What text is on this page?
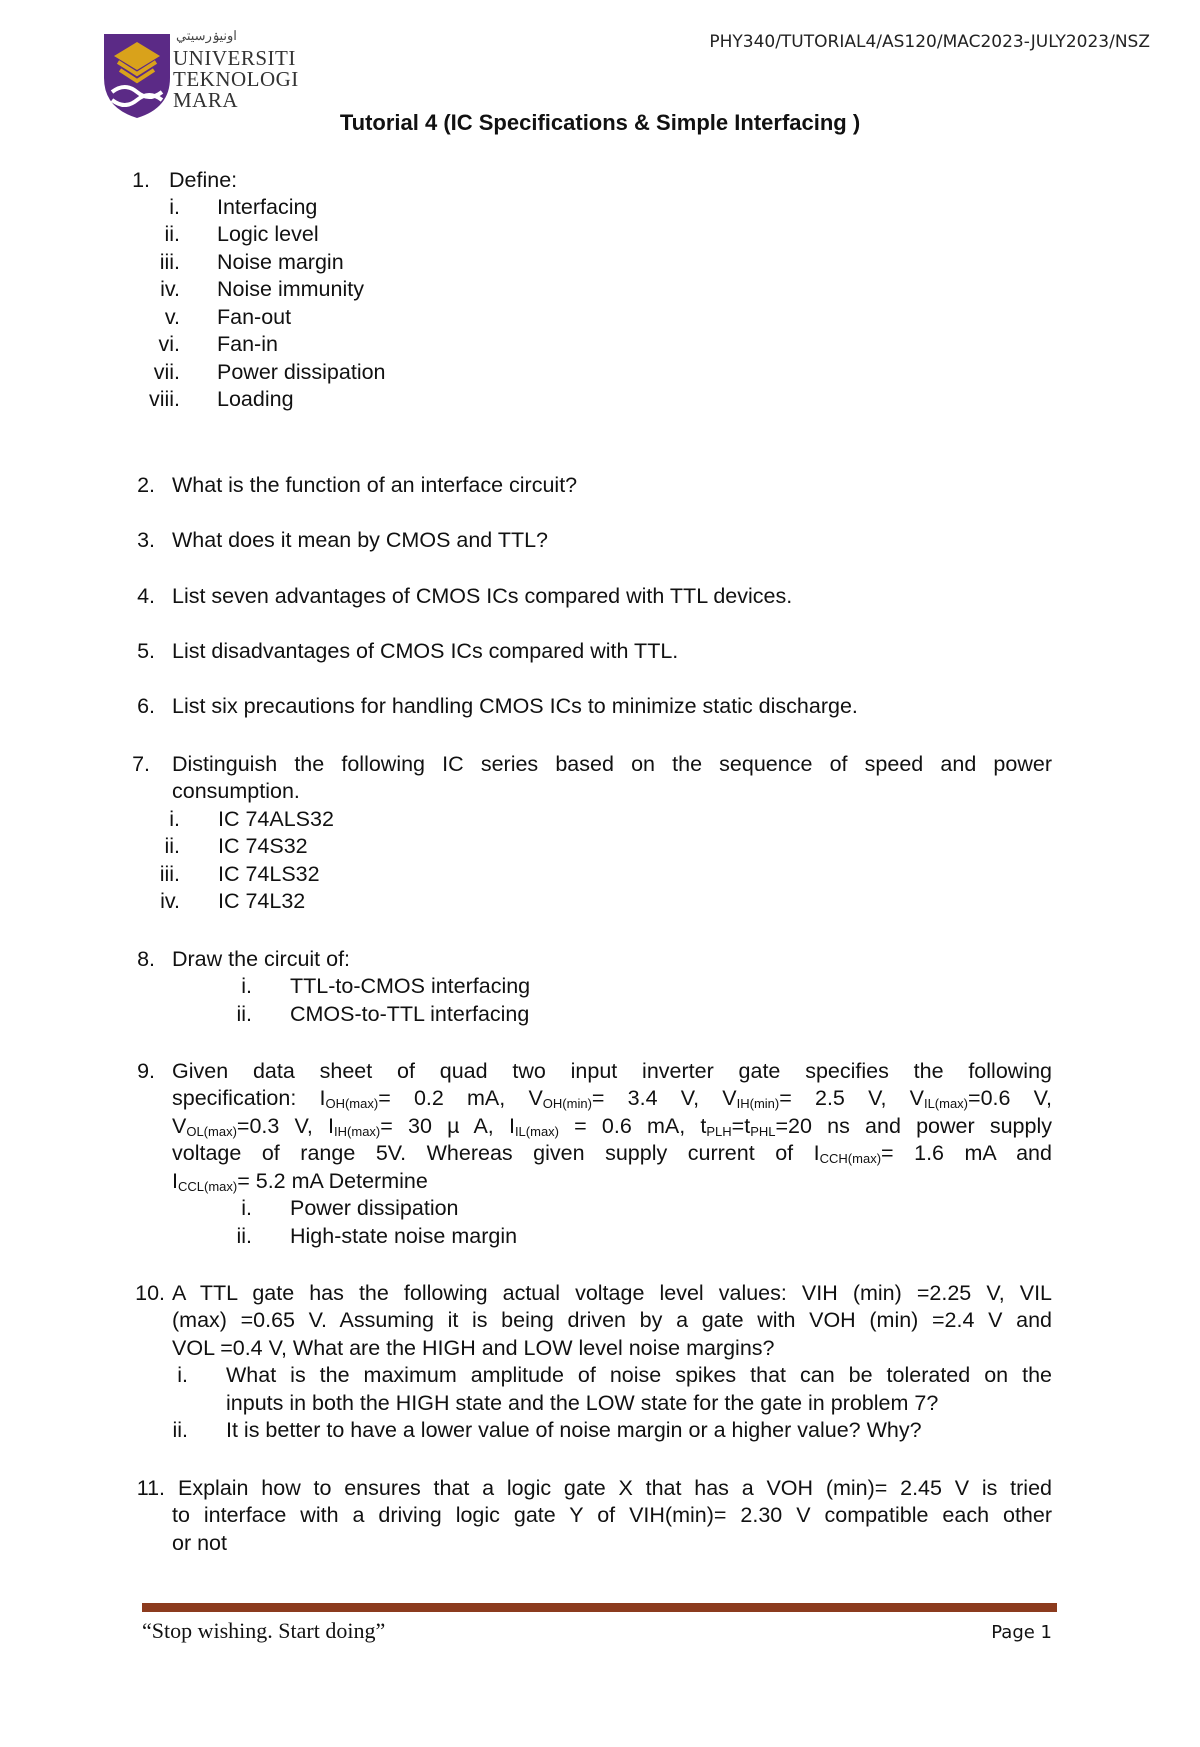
PHY340/TUTORIAL4/AS120/MAC2023-JULY2023/NSZ
اونيۏرسيتي
UNIVERSITI
TEKNOLOGI
MARA
Tutorial 4 (IC Specifications & Simple Interfacing )
1. Define:
i. Interfacing
ii. Logic level
iii. Noise margin
iv. Noise immunity
v. Fan-out
vi. Fan-in
vii. Power dissipation
viii. Loading
2. What is the function of an interface circuit?
3. What does it mean by CMOS and TTL?
4. List seven advantages of CMOS ICs compared with TTL devices.
5. List disadvantages of CMOS ICs compared with TTL.
6. List six precautions for handling CMOS ICs to minimize static discharge.
7. Distinguish the following IC series based on the sequence of speed and power
consumption.
i. IC 74ALS32
ii. IC 74S32
iii. IC 74LS32
iv. IC 74L32
8. Draw the circuit of:
i. TTL-to-CMOS interfacing
ii. CMOS-to-TTL interfacing
9. Given data sheet of quad two input inverter gate specifies the following
specification: $I_{OH(max)}= 0.2$ mA, $V_{OH(min)}= 3.4$ V, $V_{IH(min)}= 2.5$ V, $V_{IL(max)}=0.6$ V,
$V_{OL(max)}=0.3$ V, $I_{IH(max)}= 30$ µ A, $I_{IL(max)} = 0.6$ mA, $t_{PLH}=t_{PHL}=20$ ns and power supply
voltage of range 5V. Whereas given supply current of $I_{CCH(max)}= 1.6$ mA and
$I_{CCL(max)}= 5.2$ mA Determine
i. Power dissipation
ii. High-state noise margin
10. A TTL gate has the following actual voltage level values: VIH (min) =2.25 V, VIL
(max) =0.65 V. Assuming it is being driven by a gate with VOH (min) =2.4 V and
VOL =0.4 V, What are the HIGH and LOW level noise margins?
i. What is the maximum amplitude of noise spikes that can be tolerated on the
inputs in both the HIGH state and the LOW state for the gate in problem 7?
ii. It is better to have a lower value of noise margin or a higher value? Why?
11. Explain how to ensures that a logic gate X that has a VOH (min)= 2.45 V is tried
to interface with a driving logic gate Y of VIH(min)= 2.30 V compatible each other
or not
“Stop wishing. Start doing”	Page 1
